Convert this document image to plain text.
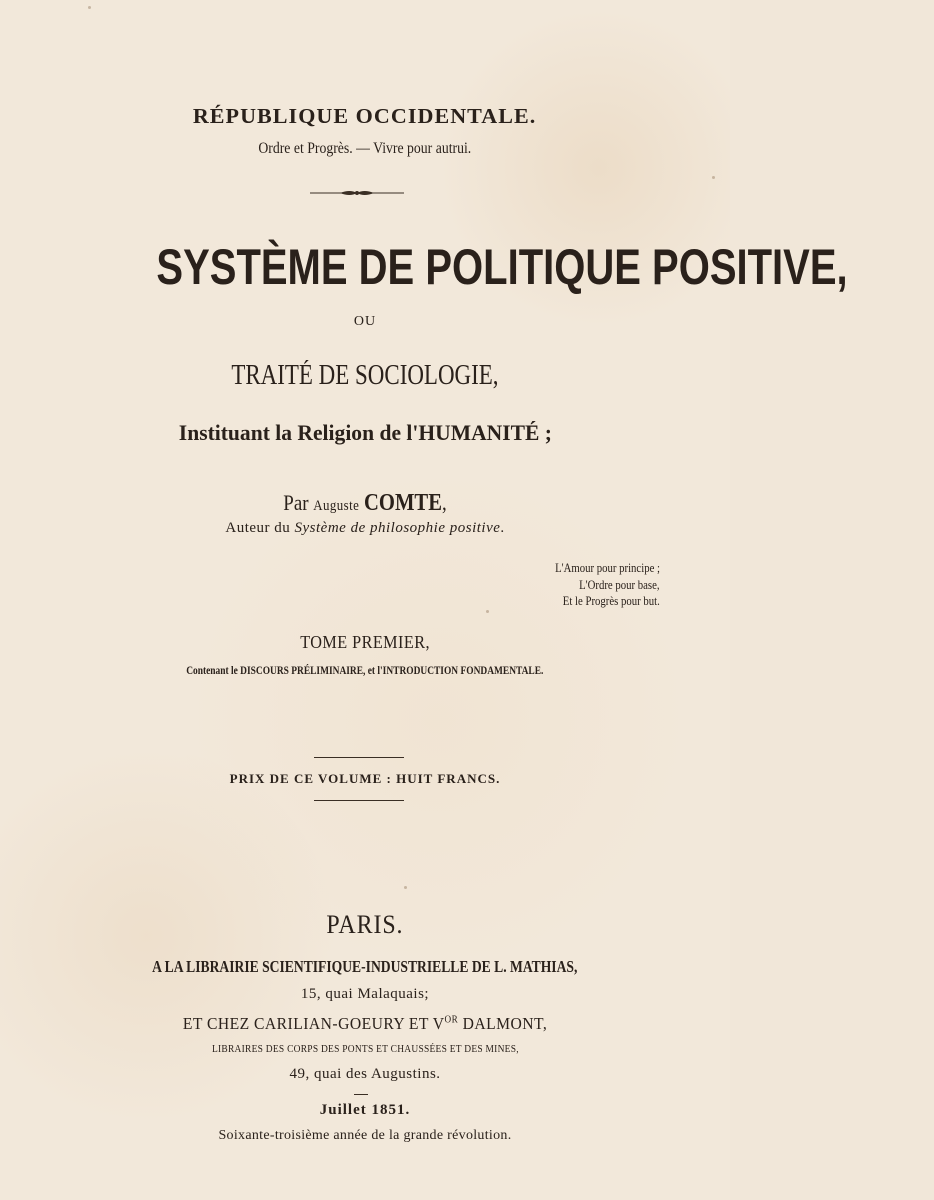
RÉPUBLIQUE OCCIDENTALE.
Ordre et Progrès. — Vivre pour autrui.
SYSTÈME DE POLITIQUE POSITIVE,
OU
TRAITÉ DE SOCIOLOGIE,
Instituant la Religion de l'HUMANITÉ ;
Par Auguste COMTE,
Auteur du Système de philosophie positive.
L'Amour pour principe ;
L'Ordre pour base,
Et le Progrès pour but.
TOME PREMIER,
Contenant le DISCOURS PRÉLIMINAIRE, et l'INTRODUCTION FONDAMENTALE.
PRIX DE CE VOLUME : HUIT FRANCS.
PARIS.
A LA LIBRAIRIE SCIENTIFIQUE-INDUSTRIELLE DE L. MATHIAS,
15, quai Malaquais;
ET CHEZ CARILIAN-GOEURY ET $V^{OR}$ DALMONT,
LIBRAIRES DES CORPS DES PONTS ET CHAUSSÉES ET DES MINES,
49, quai des Augustins.
Juillet 1851.
Soixante-troisième année de la grande révolution.
